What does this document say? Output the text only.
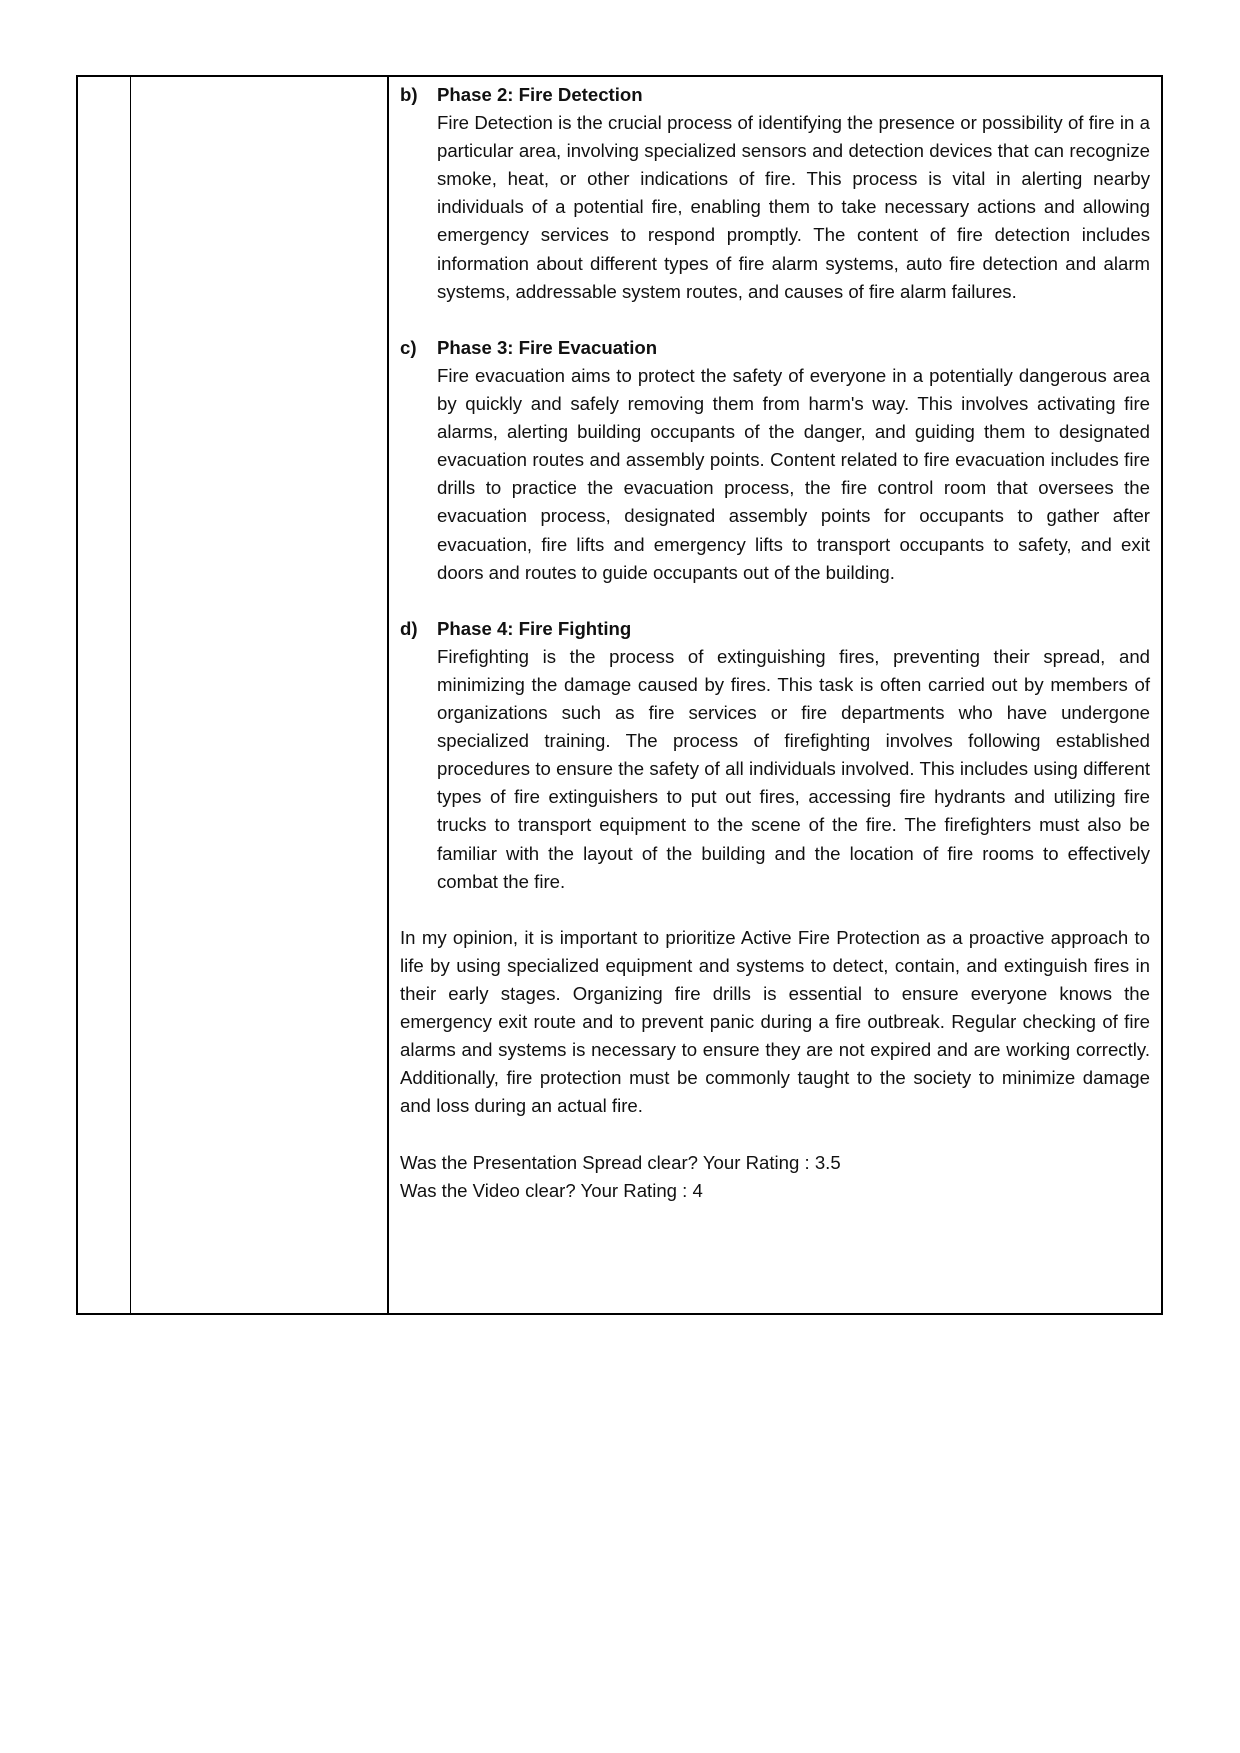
b)	Phase 2: Fire Detection

Fire Detection is the crucial process of identifying the presence or possibility of fire in a particular area, involving specialized sensors and detection devices that can recognize smoke, heat, or other indications of fire. This process is vital in alerting nearby individuals of a potential fire, enabling them to take necessary actions and allowing emergency services to respond promptly. The content of fire detection includes information about different types of fire alarm systems, auto fire detection and alarm systems, addressable system routes, and causes of fire alarm failures.

c)	Phase 3: Fire Evacuation

Fire evacuation aims to protect the safety of everyone in a potentially dangerous area by quickly and safely removing them from harm's way. This involves activating fire alarms, alerting building occupants of the danger, and guiding them to designated evacuation routes and assembly points. Content related to fire evacuation includes fire drills to practice the evacuation process, the fire control room that oversees the evacuation process, designated assembly points for occupants to gather after evacuation, fire lifts and emergency lifts to transport occupants to safety, and exit doors and routes to guide occupants out of the building.

d)	Phase 4: Fire Fighting

Firefighting is the process of extinguishing fires, preventing their spread, and minimizing the damage caused by fires. This task is often carried out by members of organizations such as fire services or fire departments who have undergone specialized training. The process of firefighting involves following established procedures to ensure the safety of all individuals involved. This includes using different types of fire extinguishers to put out fires, accessing fire hydrants and utilizing fire trucks to transport equipment to the scene of the fire. The firefighters must also be familiar with the layout of the building and the location of fire rooms to effectively combat the fire.

In my opinion, it is important to prioritize Active Fire Protection as a proactive approach to life by using specialized equipment and systems to detect, contain, and extinguish fires in their early stages. Organizing fire drills is essential to ensure everyone knows the emergency exit route and to prevent panic during a fire outbreak. Regular checking of fire alarms and systems is necessary to ensure they are not expired and are working correctly. Additionally, fire protection must be commonly taught to the society to minimize damage and loss during an actual fire.

Was the Presentation Spread clear? Your Rating : 3.5

Was the Video clear? Your Rating : 4
